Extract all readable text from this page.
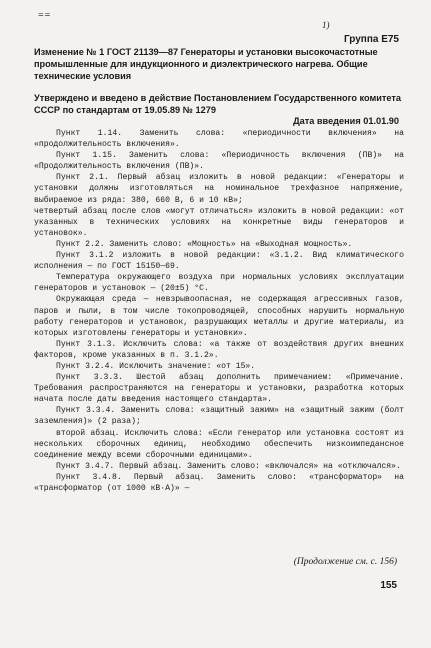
==
1)
Группа Е75

Изменение № 1 ГОСТ 21139—87 Генераторы и установки высокочастотные промышленные для индукционного и диэлектрического нагрева. Общие технические условия

Утверждено и введено в действие Постановлением Государственного комитета СССР по стандартам от 19.05.89 № 1279

Дата введения 01.01.90

Пункт 1.14. Заменить слова: «периодичности включения» на «продолжительность включения».

Пункт 1.15. Заменить слова: «Периодичность включения (ПВ)» на «Продолжительность включения (ПВ)».

Пункт 2.1. Первый абзац изложить в новой редакции: «Генераторы и установки должны изготовляться на номинальное трехфазное напряжение, выбираемое из ряда: 380, 660 В, 6 и 10 кВ»;

четвертый абзац после слов «могут отличаться» изложить в новой редакции: «от указанных в технических условиях на конкретные виды генераторов и установок».

Пункт 2.2. Заменить слово: «Мощность» на «Выходная мощность».

Пункт 3.1.2 изложить в новой редакции: «3.1.2. Вид климатического исполнения — по ГОСТ 15150—69.

Температура окружающего воздуха при нормальных условиях эксплуатации генераторов и установок — (20±5) °С.

Окружающая среда — невзрывоопасная, не содержащая агрессивных газов, паров и пыли, в том числе токопроводящей, способных нарушить нормальную работу генераторов и установок, разрушающих металлы и другие материалы, из которых изготовлены генераторы и установки».

Пункт 3.1.3. Исключить слова: «а также от воздействия других внешних факторов, кроме указанных в п. 3.1.2».

Пункт 3.2.4. Исключить значение: «от 15».

Пункт 3.3.3. Шестой абзац дополнить примечанием: «Примечание. Требования распространяются на генераторы и установки, разработка которых начата после даты введения настоящего стандарта».

Пункт 3.3.4. Заменить слова: «защитный зажим» на «защитный зажим (болт заземления)» (2 раза);

второй абзац. Исключить слова: «Если генератор или установка состоят из нескольких сборочных единиц, необходимо обеспечить низкоимпедансное соединение между всеми сборочными единицами».

Пункт 3.4.7. Первый абзац. Заменить слово: «включался» на «отключался».

Пункт 3.4.8. Первый абзац. Заменить слово: «трансформатор» на «трансформатор (от 1000 кВ·А)» —

(Продолжение см. с. 156)
155
